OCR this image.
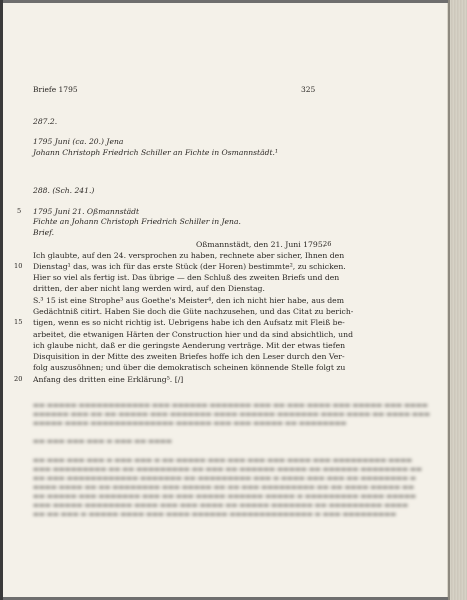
Briefe 1795	325
287.2.
1795 Juni (ca. 20.) Jena
Johann Christoph Friedrich Schiller an Fichte in Osmannstädt.¹
288. (Sch. 241.)
5 1795 Juni 21. Oßmannstädt
Fichte an Johann Christoph Friedrich Schiller in Jena.
Brief.
Oßmannstädt, den 21. Juni 1795.
26
Ich glaubte, auf den 24. versprochen zu haben, rechnete aber sicher, Ihnen den
10 Dienstag¹ das, was ich für das erste Stück (der Horen) bestimmte², zu schicken.
Hier so viel als fertig ist. Das übrige — den Schluß des zweiten Briefs und den
dritten, der aber nicht lang werden wird, auf den Dienstag.
S.³ 15 ist eine Strophe³ aus Goethe's Meister⁴, den ich nicht hier habe, aus dem
Gedächtniß citirt. Haben Sie doch die Güte nachzusehen, und das Citat zu berich-
15 tigen, wenn es so nicht richtig ist. Uebrigens habe ich den Aufsatz mit Fleiß be-
arbeitet, die etwanigen Härten der Construction hier und da sind absichtlich, und
ich glaube nicht, daß er die geringste Aenderung verträge. Mit der etwas tiefen
Disquisition in der Mitte des zweiten Briefes hoffe ich den Leser durch den Ver-
folg auszusöhnen; und über die demokratisch scheinen könnende Stelle folgt zu
20 Anfang des dritten eine Erklärung⁵. [/]
▬▬ ▬▬▬▬▬ ▬▬▬▬▬▬▬▬▬▬▬▬ ▬▬▬ ▬▬▬▬▬▬ ▬▬▬▬▬▬▬ ▬▬▬ ▬▬ ▬▬▬ ▬▬▬▬ ▬▬▬ ▬▬▬▬▬ ▬▬▬ ▬▬▬▬
▬▬▬▬▬▬ ▬▬▬ ▬▬ ▬▬ ▬▬▬▬▬ ▬▬▬ ▬▬▬▬▬▬▬ ▬▬▬▬ ▬▬▬▬▬▬ ▬▬▬▬▬▬▬ ▬▬▬▬ ▬▬▬▬ ▬▬ ▬▬▬▬ ▬▬▬
▬▬▬▬▬ ▬▬▬▬ ▬▬▬▬▬▬▬▬▬▬▬▬▬▬ ▬▬▬▬▬▬ ▬▬▬ ▬▬▬ ▬▬▬▬▬ ▬▬ ▬▬▬▬▬▬▬▬
▬▬ ▬▬▬ ▬▬▬ ▬▬▬ ▬ ▬▬▬ ▬▬ ▬▬▬▬
▬▬ ▬▬▬ ▬▬▬ ▬▬▬ ▬ ▬▬▬ ▬▬▬ ▬ ▬▬ ▬▬▬▬▬ ▬▬▬ ▬▬▬ ▬▬▬ ▬▬▬ ▬▬▬▬ ▬▬▬ ▬▬▬▬▬▬▬▬▬ ▬▬▬▬
▬▬▬ ▬▬▬▬▬▬▬▬▬ ▬▬ ▬▬ ▬▬▬▬▬▬▬▬▬ ▬▬ ▬▬▬ ▬▬ ▬▬▬▬▬▬ ▬▬▬▬▬ ▬▬ ▬▬▬▬▬▬ ▬▬▬▬▬▬▬▬ ▬▬
▬▬ ▬▬▬ ▬▬▬▬▬▬▬▬▬▬▬▬ ▬▬▬▬▬▬▬ ▬▬ ▬▬▬▬▬▬▬▬▬ ▬▬▬ ▬ ▬▬▬▬ ▬▬▬ ▬▬▬ ▬▬ ▬▬▬▬▬▬▬▬ ▬
▬▬▬▬ ▬▬▬▬ ▬▬ ▬▬ ▬▬▬▬▬▬▬▬ ▬▬▬ ▬▬▬▬▬ ▬▬ ▬▬ ▬▬▬ ▬▬▬▬▬▬▬▬▬ ▬▬ ▬▬ ▬▬▬▬ ▬▬▬▬▬ ▬▬
▬▬ ▬▬▬▬▬ ▬▬▬ ▬▬▬▬▬▬▬ ▬▬▬ ▬▬ ▬▬▬ ▬▬▬▬▬ ▬▬▬▬▬▬ ▬▬▬▬▬ ▬ ▬▬▬▬▬▬▬▬▬ ▬▬▬▬ ▬▬▬▬▬
▬▬▬ ▬▬▬▬▬ ▬▬▬▬▬▬▬▬ ▬▬▬▬ ▬▬▬ ▬▬▬ ▬▬▬▬ ▬▬ ▬▬▬▬▬ ▬▬▬▬▬▬▬ ▬▬ ▬▬▬▬▬▬▬▬▬ ▬▬▬▬
▬▬ ▬▬ ▬▬▬ ▬ ▬▬▬▬▬ ▬▬▬▬ ▬▬▬ ▬▬▬▬ ▬▬▬▬▬▬ ▬▬▬▬▬▬▬▬▬▬▬▬▬▬ ▬ ▬▬▬ ▬▬▬▬▬▬▬▬▬
